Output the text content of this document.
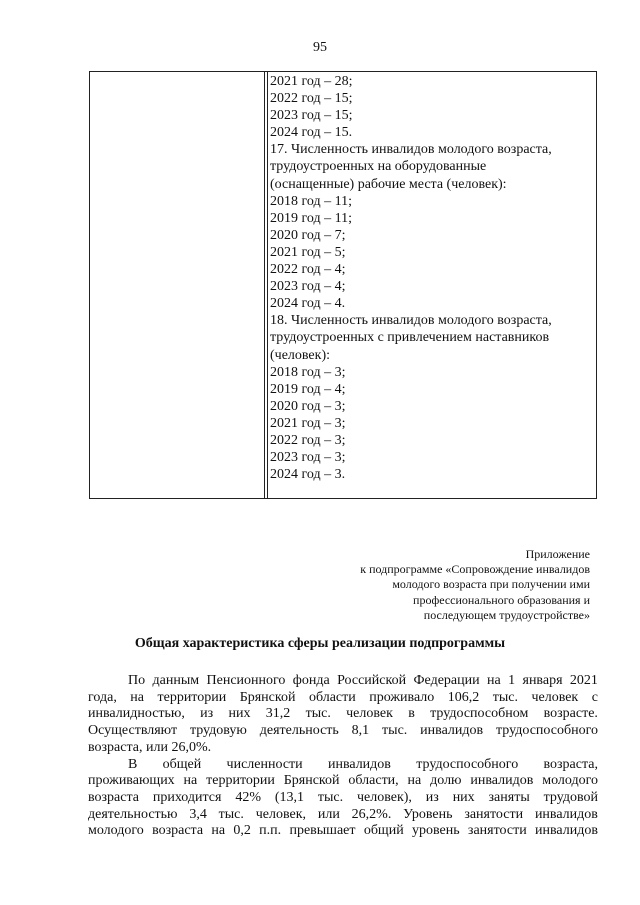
95
2021 год – 28;
2022 год – 15;
2023 год – 15;
2024 год – 15.
17. Численность инвалидов молодого возраста,
трудоустроенных на оборудованные
(оснащенные) рабочие места (человек):
2018 год – 11;
2019 год – 11;
2020 год – 7;
2021 год – 5;
2022 год – 4;
2023 год – 4;
2024 год – 4.
18. Численность инвалидов молодого возраста,
трудоустроенных с привлечением наставников
(человек):
2018 год – 3;
2019 год – 4;
2020 год – 3;
2021 год – 3;
2022 год – 3;
2023 год – 3;
2024 год – 3.
Приложение
к подпрограмме «Сопровождение инвалидов
молодого возраста при получении ими
профессионального образования и
последующем трудоустройстве»
Общая характеристика сферы реализации подпрограммы
По данным Пенсионного фонда Российской Федерации на 1 января 2021
года, на территории Брянской области проживало 106,2 тыс. человек с
инвалидностью, из них 31,2 тыс. человек в трудоспособном возрасте.
Осуществляют трудовую деятельность 8,1 тыс. инвалидов трудоспособного
возраста, или 26,0%.
В общей численности инвалидов трудоспособного возраста,
проживающих на территории Брянской области, на долю инвалидов молодого
возраста приходится 42% (13,1 тыс. человек), из них заняты трудовой
деятельностью 3,4 тыс. человек, или 26,2%. Уровень занятости инвалидов
молодого возраста на 0,2 п.п. превышает общий уровень занятости инвалидов
